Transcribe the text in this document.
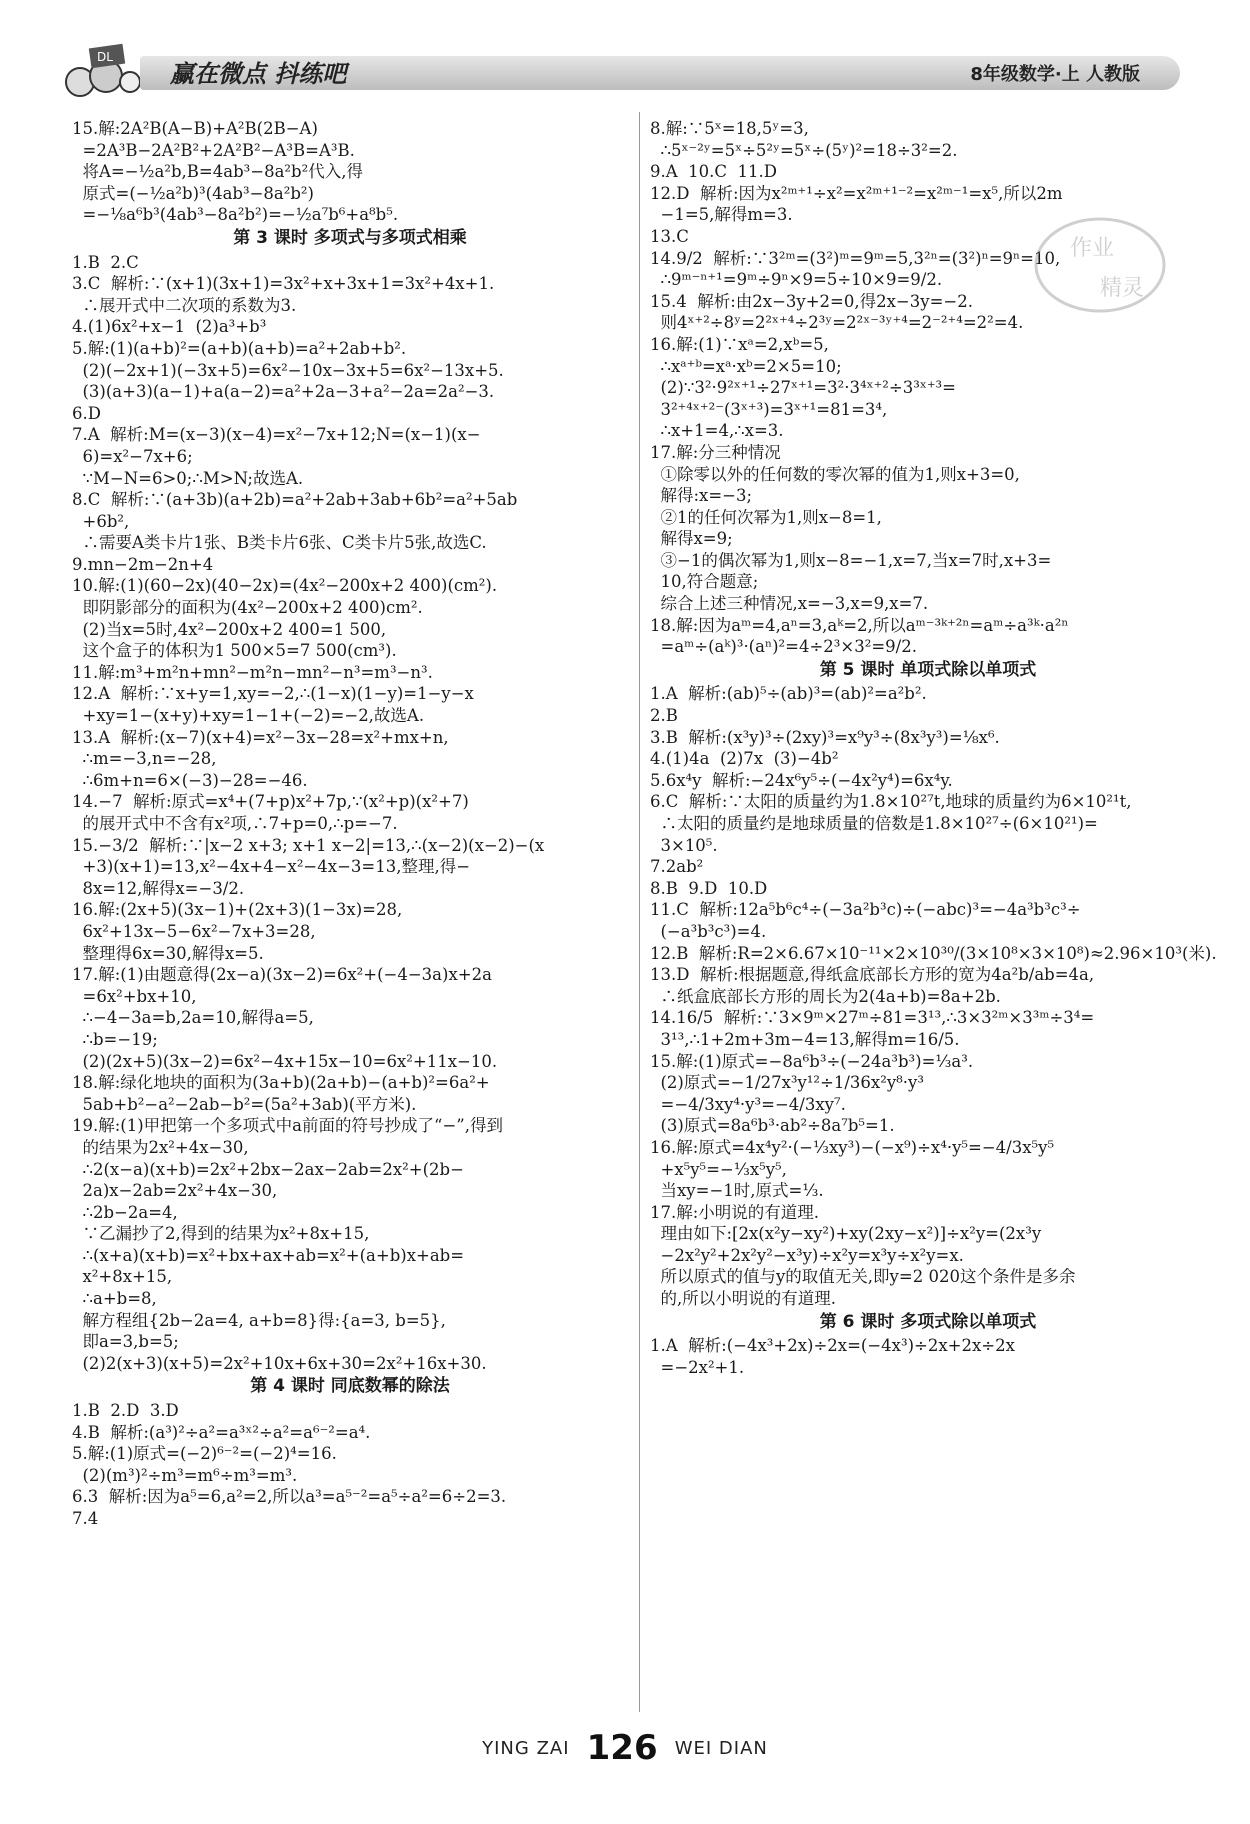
DL
赢在微点 抖练吧	8年级数学·上 人教版
15.解:2A²B(A−B)+A²B(2B−A)
=2A³B−2A²B²+2A²B²−A³B=A³B.
将A=−½a²b,B=4ab³−8a²b²代入,得
原式=(−½a²b)³(4ab³−8a²b²)
=−⅛a⁶b³(4ab³−8a²b²)=−½a⁷b⁶+a⁸b⁵.
第 3 课时 多项式与多项式相乘
1.B  2.C
3.C  解析:∵(x+1)(3x+1)=3x²+x+3x+1=3x²+4x+1.
∴展开式中二次项的系数为3.
4.(1)6x²+x−1  (2)a³+b³
5.解:(1)(a+b)²=(a+b)(a+b)=a²+2ab+b².
(2)(−2x+1)(−3x+5)=6x²−10x−3x+5=6x²−13x+5.
(3)(a+3)(a−1)+a(a−2)=a²+2a−3+a²−2a=2a²−3.
6.D
7.A  解析:M=(x−3)(x−4)=x²−7x+12;N=(x−1)(x−
6)=x²−7x+6;
∵M−N=6>0;∴M>N;故选A.
8.C  解析:∵(a+3b)(a+2b)=a²+2ab+3ab+6b²=a²+5ab
+6b²,
∴需要A类卡片1张、B类卡片6张、C类卡片5张,故选C.
9.mn−2m−2n+4
10.解:(1)(60−2x)(40−2x)=(4x²−200x+2 400)(cm²).
即阴影部分的面积为(4x²−200x+2 400)cm².
(2)当x=5时,4x²−200x+2 400=1 500,
这个盒子的体积为1 500×5=7 500(cm³).
11.解:m³+m²n+mn²−m²n−mn²−n³=m³−n³.
12.A  解析:∵x+y=1,xy=−2,∴(1−x)(1−y)=1−y−x
+xy=1−(x+y)+xy=1−1+(−2)=−2,故选A.
13.A  解析:(x−7)(x+4)=x²−3x−28=x²+mx+n,
∴m=−3,n=−28,
∴6m+n=6×(−3)−28=−46.
14.−7  解析:原式=x⁴+(7+p)x²+7p,∵(x²+p)(x²+7)
的展开式中不含有x²项,∴7+p=0,∴p=−7.
15.−3/2  解析:∵|x−2 x+3; x+1 x−2|=13,∴(x−2)(x−2)−(x
+3)(x+1)=13,x²−4x+4−x²−4x−3=13,整理,得−
8x=12,解得x=−3/2.
16.解:(2x+5)(3x−1)+(2x+3)(1−3x)=28,
6x²+13x−5−6x²−7x+3=28,
整理得6x=30,解得x=5.
17.解:(1)由题意得(2x−a)(3x−2)=6x²+(−4−3a)x+2a
=6x²+bx+10,
∴−4−3a=b,2a=10,解得a=5,
∴b=−19;
(2)(2x+5)(3x−2)=6x²−4x+15x−10=6x²+11x−10.
18.解:绿化地块的面积为(3a+b)(2a+b)−(a+b)²=6a²+
5ab+b²−a²−2ab−b²=(5a²+3ab)(平方米).
19.解:(1)甲把第一个多项式中a前面的符号抄成了“−”,得到
的结果为2x²+4x−30,
∴2(x−a)(x+b)=2x²+2bx−2ax−2ab=2x²+(2b−
2a)x−2ab=2x²+4x−30,
∴2b−2a=4,
∵乙漏抄了2,得到的结果为x²+8x+15,
∴(x+a)(x+b)=x²+bx+ax+ab=x²+(a+b)x+ab=
x²+8x+15,
∴a+b=8,
解方程组{2b−2a=4, a+b=8}得:{a=3, b=5},
即a=3,b=5;
(2)2(x+3)(x+5)=2x²+10x+6x+30=2x²+16x+30.
第 4 课时 同底数幂的除法
1.B  2.D  3.D
4.B  解析:(a³)²÷a²=a³ˣ²÷a²=a⁶⁻²=a⁴.
5.解:(1)原式=(−2)⁶⁻²=(−2)⁴=16.
(2)(m³)²÷m³=m⁶÷m³=m³.
6.3  解析:因为a⁵=6,a²=2,所以a³=a⁵⁻²=a⁵÷a²=6÷2=3.
7.4
8.解:∵5ˣ=18,5ʸ=3,
∴5ˣ⁻²ʸ=5ˣ÷5²ʸ=5ˣ÷(5ʸ)²=18÷3²=2.
9.A  10.C  11.D
12.D  解析:因为x²ᵐ⁺¹÷x²=x²ᵐ⁺¹⁻²=x²ᵐ⁻¹=x⁵,所以2m
−1=5,解得m=3.
13.C
14.9/2  解析:∵3²ᵐ=(3²)ᵐ=9ᵐ=5,3²ⁿ=(3²)ⁿ=9ⁿ=10,
∴9ᵐ⁻ⁿ⁺¹=9ᵐ÷9ⁿ×9=5÷10×9=9/2.
15.4  解析:由2x−3y+2=0,得2x−3y=−2.
则4ˣ⁺²÷8ʸ=2²ˣ⁺⁴÷2³ʸ=2²ˣ⁻³ʸ⁺⁴=2⁻²⁺⁴=2²=4.
16.解:(1)∵xᵃ=2,xᵇ=5,
∴xᵃ⁺ᵇ=xᵃ·xᵇ=2×5=10;
(2)∵3²·9²ˣ⁺¹÷27ˣ⁺¹=3²·3⁴ˣ⁺²÷3³ˣ⁺³=
3²⁺⁴ˣ⁺²⁻(3ˣ⁺³)=3ˣ⁺¹=81=3⁴,
∴x+1=4,∴x=3.
17.解:分三种情况
①除零以外的任何数的零次幂的值为1,则x+3=0,
解得:x=−3;
②1的任何次幂为1,则x−8=1,
解得x=9;
③−1的偶次幂为1,则x−8=−1,x=7,当x=7时,x+3=
10,符合题意;
综合上述三种情况,x=−3,x=9,x=7.
18.解:因为aᵐ=4,aⁿ=3,aᵏ=2,所以aᵐ⁻³ᵏ⁺²ⁿ=aᵐ÷a³ᵏ·a²ⁿ
=aᵐ÷(aᵏ)³·(aⁿ)²=4÷2³×3²=9/2.
第 5 课时 单项式除以单项式
1.A  解析:(ab)⁵÷(ab)³=(ab)²=a²b².
2.B
3.B  解析:(x³y)³÷(2xy)³=x⁹y³÷(8x³y³)=⅛x⁶.
4.(1)4a  (2)7x  (3)−4b²
5.6x⁴y  解析:−24x⁶y⁵÷(−4x²y⁴)=6x⁴y.
6.C  解析:∵太阳的质量约为1.8×10²⁷t,地球的质量约为6×10²¹t,
∴太阳的质量约是地球质量的倍数是1.8×10²⁷÷(6×10²¹)=
3×10⁵.
7.2ab²
8.B  9.D  10.D
11.C  解析:12a⁵b⁶c⁴÷(−3a²b³c)÷(−abc)³=−4a³b³c³÷
(−a³b³c³)=4.
12.B  解析:R=2×6.67×10⁻¹¹×2×10³⁰/(3×10⁸×3×10⁸)≈2.96×10³(米).
13.D  解析:根据题意,得纸盒底部长方形的宽为4a²b/ab=4a,
∴纸盒底部长方形的周长为2(4a+b)=8a+2b.
14.16/5  解析:∵3×9ᵐ×27ᵐ÷81=3¹³,∴3×3²ᵐ×3³ᵐ÷3⁴=
3¹³,∴1+2m+3m−4=13,解得m=16/5.
15.解:(1)原式=−8a⁶b³÷(−24a³b³)=⅓a³.
(2)原式=−1/27x³y¹²÷1/36x²y⁸·y³
=−4/3xy⁴·y³=−4/3xy⁷.
(3)原式=8a⁶b³·ab²÷8a⁷b⁵=1.
16.解:原式=4x⁴y²·(−⅓xy³)−(−x⁹)÷x⁴·y⁵=−4/3x⁵y⁵
+x⁵y⁵=−⅓x⁵y⁵,
当xy=−1时,原式=⅓.
17.解:小明说的有道理.
理由如下:[2x(x²y−xy²)+xy(2xy−x²)]÷x²y=(2x³y
−2x²y²+2x²y²−x³y)÷x²y=x³y÷x²y=x.
所以原式的值与y的取值无关,即y=2 020这个条件是多余
的,所以小明说的有道理.
第 6 课时 多项式除以单项式
1.A  解析:(−4x³+2x)÷2x=(−4x³)÷2x+2x÷2x
=−2x²+1.
作业
精灵
YING ZAI 126 WEI DIAN
